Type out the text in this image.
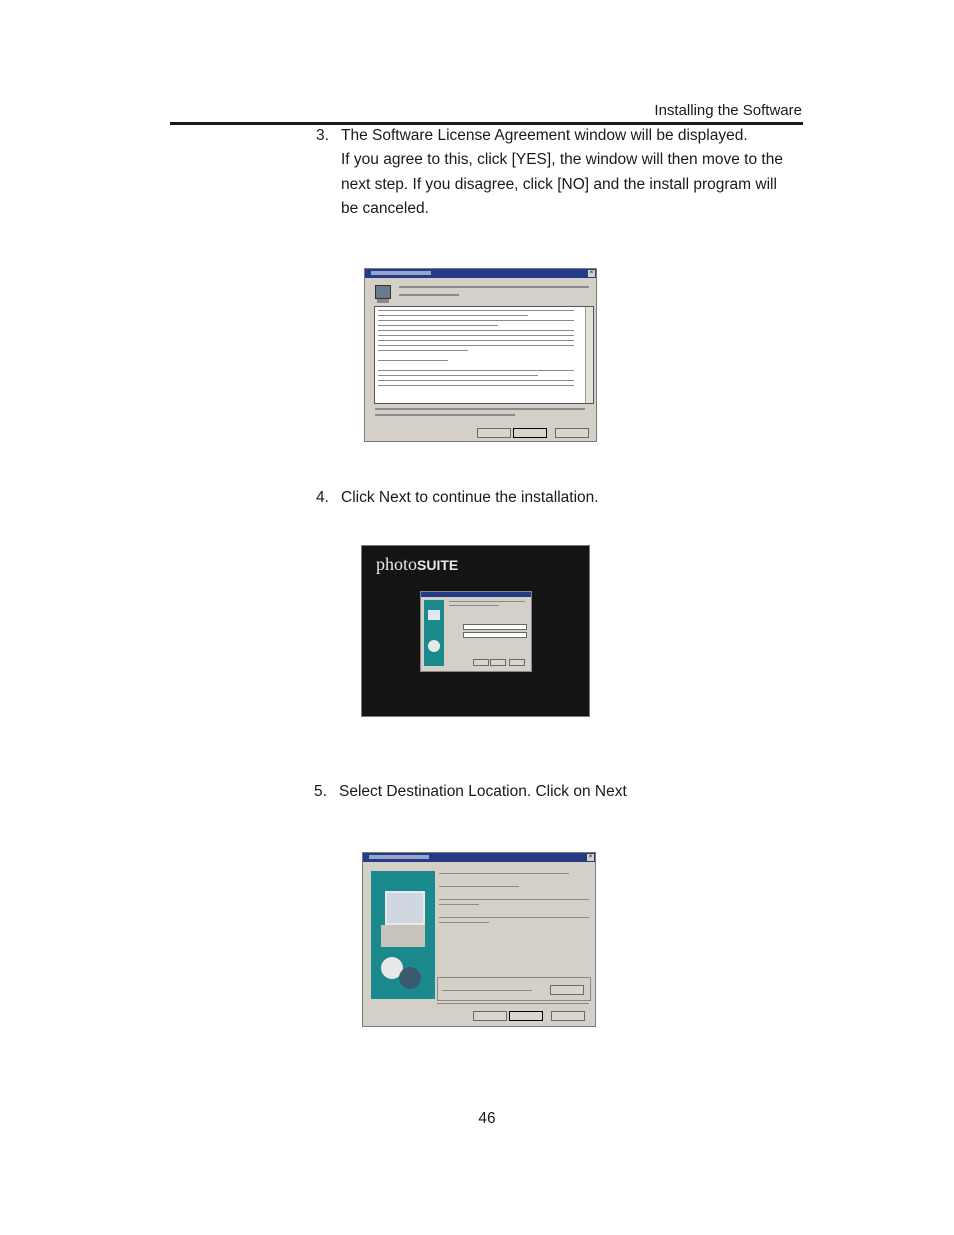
Installing the Software
3. The Software License Agreement window will be displayed.
If you agree to this, click [YES], the window will then move to the
next step. If you disagree, click [NO] and the install program will
be canceled.
×
4. Click Next to continue the installation.
photoSUITE
5. Select Destination Location. Click on Next
×
46
